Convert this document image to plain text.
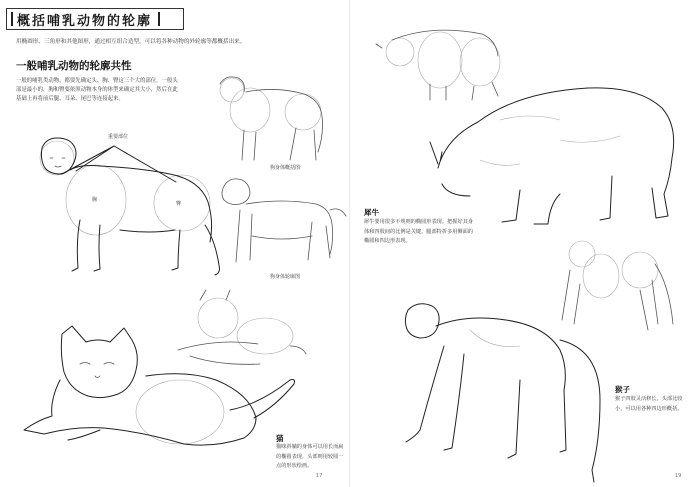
概括哺乳动物的轮廓
用椭圆形、三角形和其他图形，通过相互组合造型，可以将各种动物的外轮廓等都概括出来。
一般哺乳动物的轮廓共性
一般的哺乳类动物，都要先确定头、胸、臀这三个大的部位。一般头部是最小的，胸和臀要依照动物本身的体型来确定其大小，然后在此基础上再将前后腿、耳朵、尾巴等连接起来。
重要部位
胸
臀
狗身体概括图
狗身体轮廓图
猫
猫咪斜躺的身体可以用长而扁的椭圆表现，头部则用较圆一点的形状绘画。
17
犀牛
犀牛要用很多不规则的椭圆形表现。把握好其身体和四肢间的比例是关键。腿部特折多用侧面的椭圆和四边形表现。
猴子
猴子四肢灵活修长，头部比较小，可以用各种四边形概括。
19
